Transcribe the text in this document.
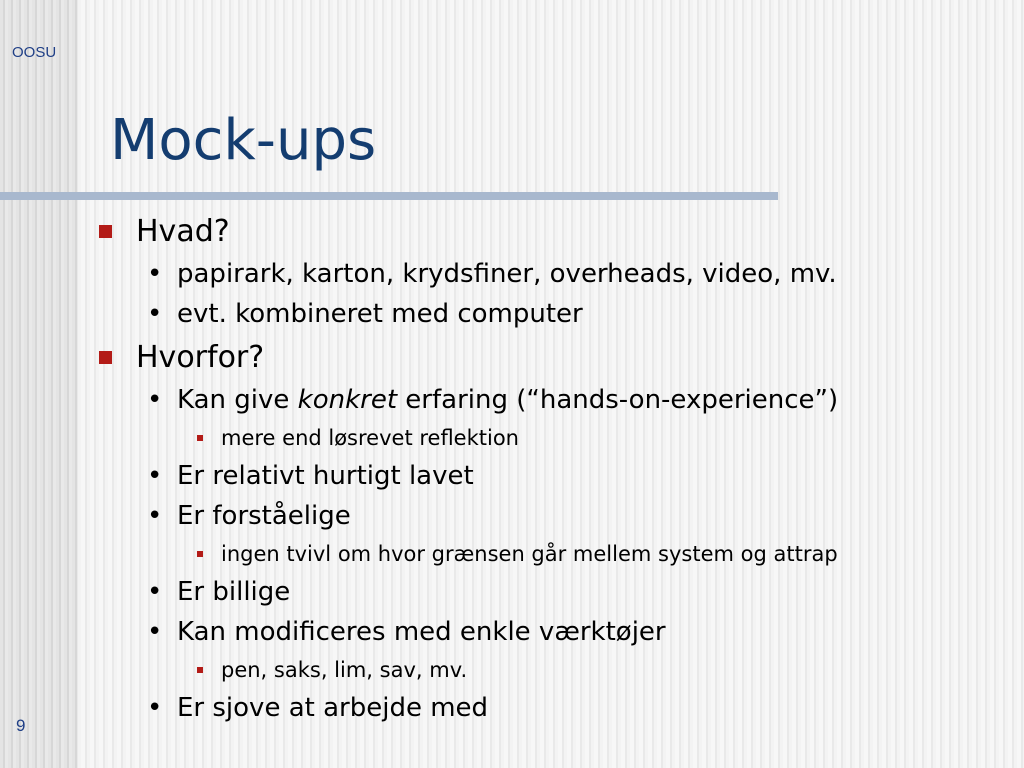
OOSU
Mock-ups
Hvad?
• papirark, karton, krydsfiner, overheads, video, mv.
• evt. kombineret med computer
Hvorfor?
• Kan give konkret erfaring (“hands-on-experience”)
mere end løsrevet reflektion
• Er relativt hurtigt lavet
• Er forståelige
ingen tvivl om hvor grænsen går mellem system og attrap
• Er billige
• Kan modificeres med enkle værktøjer
pen, saks, lim, sav, mv.
• Er sjove at arbejde med
9
